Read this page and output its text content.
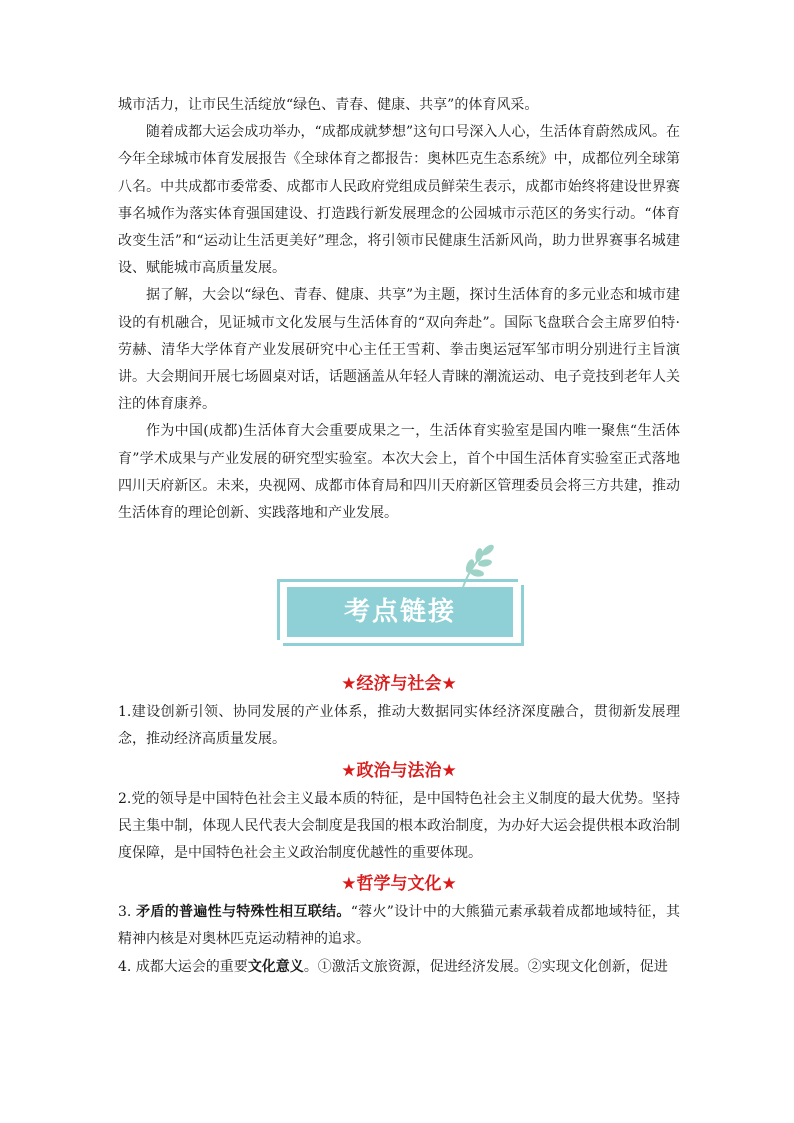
城市活力，让市民生活绽放“绿色、青春、健康、共享”的体育风采。

随着成都大运会成功举办，“成都成就梦想”这句口号深入人心，生活体育蔚然成风。在今年全球城市体育发展报告《全球体育之都报告：奥林匹克生态系统》中，成都位列全球第八名。中共成都市委常委、成都市人民政府党组成员鲜荣生表示，成都市始终将建设世界赛事名城作为落实体育强国建设、打造践行新发展理念的公园城市示范区的务实行动。“体育改变生活”和“运动让生活更美好”理念，将引领市民健康生活新风尚，助力世界赛事名城建设、赋能城市高质量发展。

据了解，大会以“绿色、青春、健康、共享”为主题，探讨生活体育的多元业态和城市建设的有机融合，见证城市文化发展与生活体育的“双向奔赴”。国际飞盘联合会主席罗伯特·劳赫、清华大学体育产业发展研究中心主任王雪莉、拳击奥运冠军邹市明分别进行主旨演讲。大会期间开展七场圆桌对话，话题涵盖从年轻人青睐的潮流运动、电子竞技到老年人关注的体育康养。

作为中国(成都)生活体育大会重要成果之一，生活体育实验室是国内唯一聚焦“生活体育”学术成果与产业发展的研究型实验室。本次大会上，首个中国生活体育实验室正式落地四川天府新区。未来，央视网、成都市体育局和四川天府新区管理委员会将三方共建，推动生活体育的理论创新、实践落地和产业发展。

考点链接
★经济与社会★

1.建设创新引领、协同发展的产业体系，推动大数据同实体经济深度融合，贯彻新发展理念，推动经济高质量发展。

★政治与法治★

2.党的领导是中国特色社会主义最本质的特征，是中国特色社会主义制度的最大优势。坚持民主集中制，体现人民代表大会制度是我国的根本政治制度，为办好大运会提供根本政治制度保障，是中国特色社会主义政治制度优越性的重要体现。

★哲学与文化★

3. 矛盾的普遍性与特殊性相互联结。“蓉火”设计中的大熊猫元素承载着成都地域特征，其精神内核是对奥林匹克运动精神的追求。

4. 成都大运会的重要文化意义。①激活文旅资源，促进经济发展。②实现文化创新，促进
